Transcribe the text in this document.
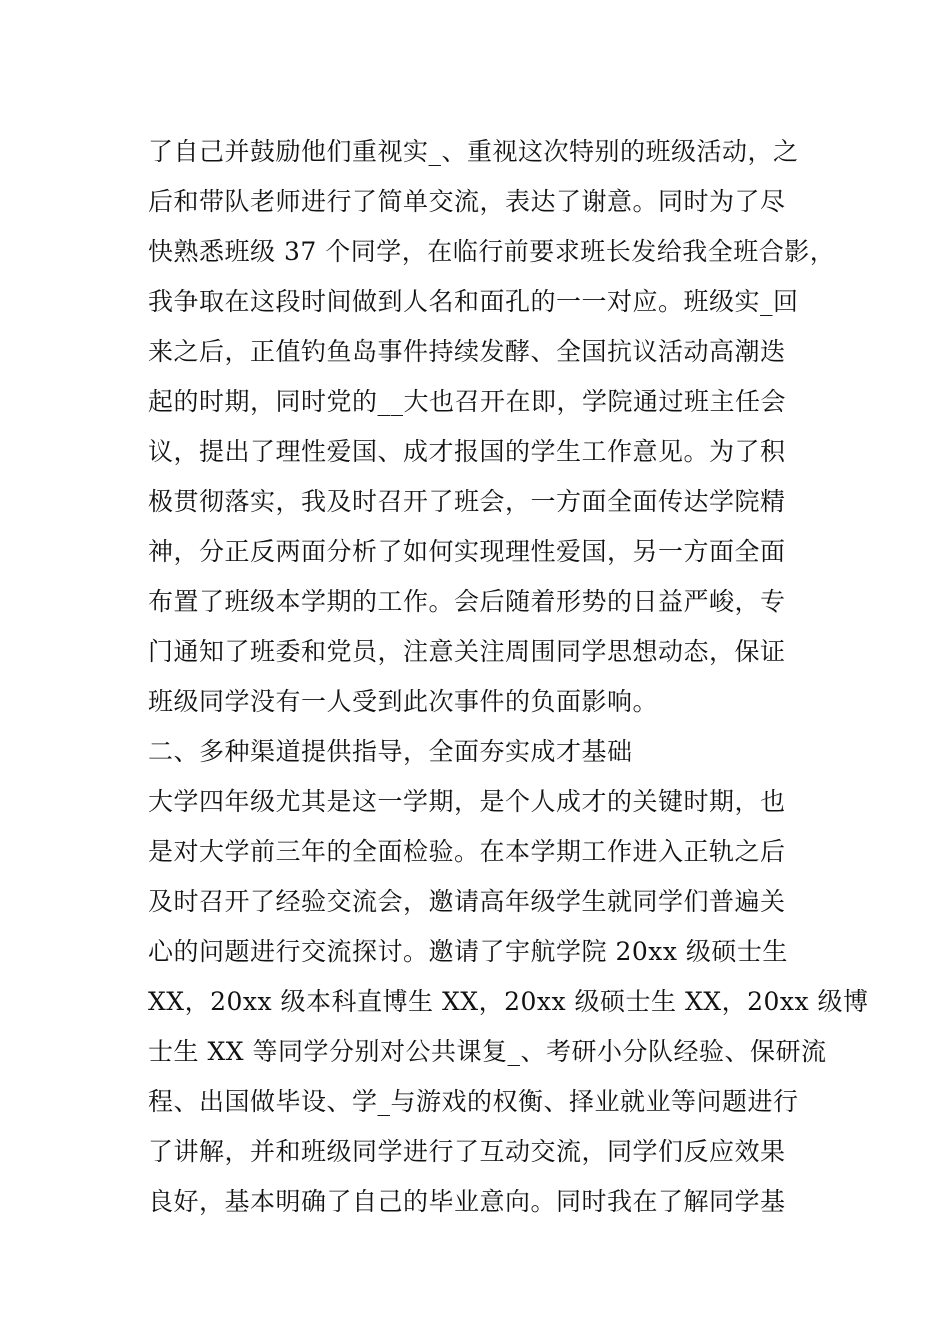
了自己并鼓励他们重视实_、重视这次特别的班级活动，之
后和带队老师进行了简单交流，表达了谢意。同时为了尽
快熟悉班级 37 个同学，在临行前要求班长发给我全班合影，
我争取在这段时间做到人名和面孔的一一对应。班级实_回
来之后，正值钓鱼岛事件持续发酵、全国抗议活动高潮迭
起的时期，同时党的__大也召开在即，学院通过班主任会
议，提出了理性爱国、成才报国的学生工作意见。为了积
极贯彻落实，我及时召开了班会，一方面全面传达学院精
神，分正反两面分析了如何实现理性爱国，另一方面全面
布置了班级本学期的工作。会后随着形势的日益严峻，专
门通知了班委和党员，注意关注周围同学思想动态，保证
班级同学没有一人受到此次事件的负面影响。
二、多种渠道提供指导，全面夯实成才基础
大学四年级尤其是这一学期，是个人成才的关键时期，也
是对大学前三年的全面检验。在本学期工作进入正轨之后
及时召开了经验交流会，邀请高年级学生就同学们普遍关
心的问题进行交流探讨。邀请了宇航学院 20xx 级硕士生
XX，20xx 级本科直博生 XX，20xx 级硕士生 XX，20xx 级博
士生 XX 等同学分别对公共课复_、考研小分队经验、保研流
程、出国做毕设、学_与游戏的权衡、择业就业等问题进行
了讲解，并和班级同学进行了互动交流，同学们反应效果
良好，基本明确了自己的毕业意向。同时我在了解同学基
